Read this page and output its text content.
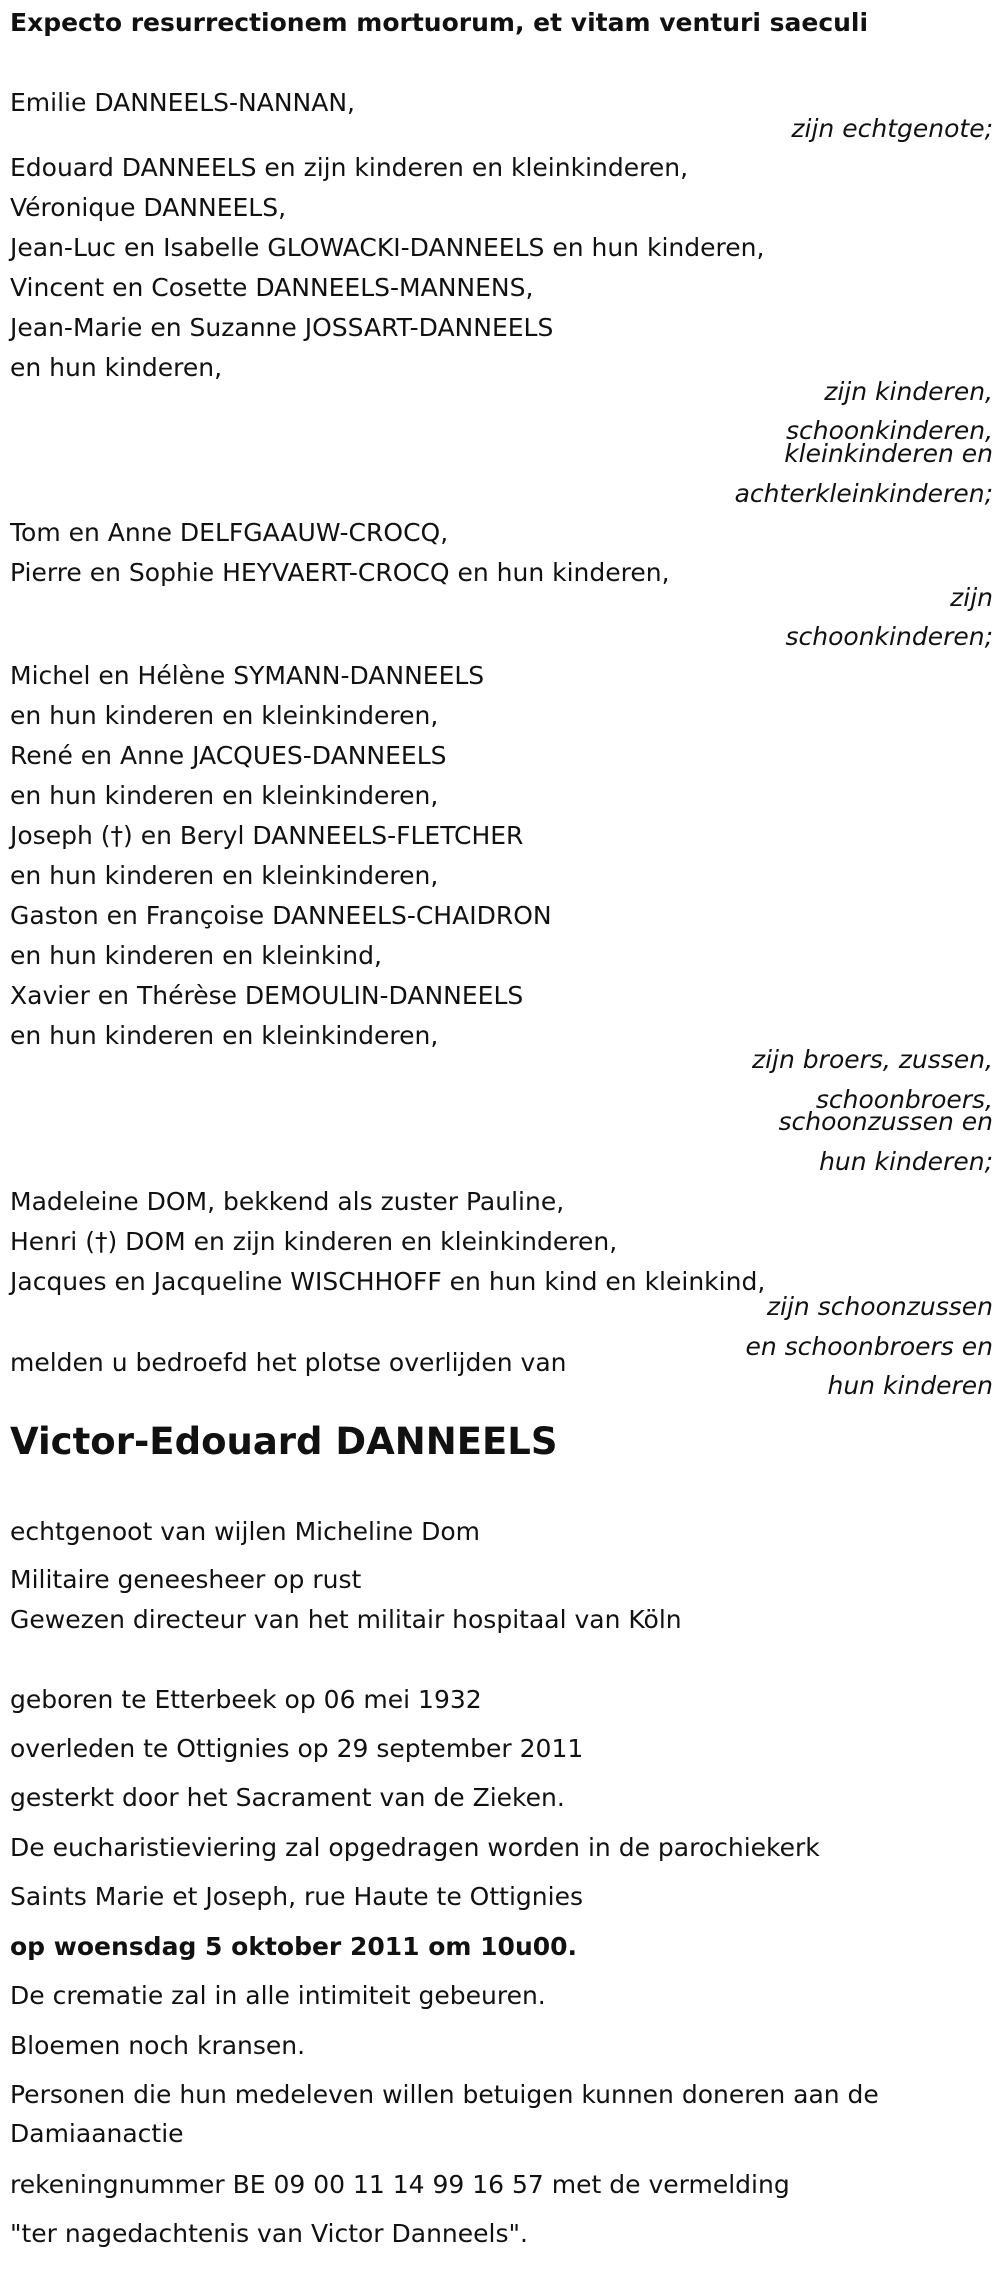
Expecto resurrectionem mortuorum, et vitam venturi saeculi
Emilie DANNEELS-NANNAN,
zijn echtgenote;
Edouard DANNEELS en zijn kinderen en kleinkinderen,
Véronique DANNEELS,
Jean-Luc en Isabelle GLOWACKI-DANNEELS en hun kinderen,
Vincent en Cosette DANNEELS-MANNENS,
Jean-Marie en Suzanne JOSSART-DANNEELS
en hun kinderen,
zijn kinderen,
schoonkinderen,
kleinkinderen en
achterkleinkinderen;
Tom en Anne DELFGAAUW-CROCQ,
Pierre en Sophie HEYVAERT-CROCQ en hun kinderen,
zijn
schoonkinderen;
Michel en Hélène SYMANN-DANNEELS
en hun kinderen en kleinkinderen,
René en Anne JACQUES-DANNEELS
en hun kinderen en kleinkinderen,
Joseph (†) en Beryl DANNEELS-FLETCHER
en hun kinderen en kleinkinderen,
Gaston en Françoise DANNEELS-CHAIDRON
en hun kinderen en kleinkind,
Xavier en Thérèse DEMOULIN-DANNEELS
en hun kinderen en kleinkinderen,
zijn broers, zussen,
schoonbroers,
schoonzussen en
hun kinderen;
Madeleine DOM, bekkend als zuster Pauline,
Henri (†) DOM en zijn kinderen en kleinkinderen,
Jacques en Jacqueline WISCHHOFF en hun kind en kleinkind,
zijn schoonzussen
en schoonbroers en
hun kinderen
melden u bedroefd het plotse overlijden van
Victor-Edouard DANNEELS
echtgenoot van wijlen Micheline Dom
Militaire geneesheer op rust
Gewezen directeur van het militair hospitaal van Köln
geboren te Etterbeek op 06 mei 1932
overleden te Ottignies op 29 september 2011
gesterkt door het Sacrament van de Zieken.
De eucharistieviering zal opgedragen worden in de parochiekerk
Saints Marie et Joseph, rue Haute te Ottignies
op woensdag 5 oktober 2011 om 10u00.
De crematie zal in alle intimiteit gebeuren.
Bloemen noch kransen.
Personen die hun medeleven willen betuigen kunnen doneren aan de
Damiaanactie
rekeningnummer BE 09 00 11 14 99 16 57 met de vermelding
"ter nagedachtenis van Victor Danneels".
